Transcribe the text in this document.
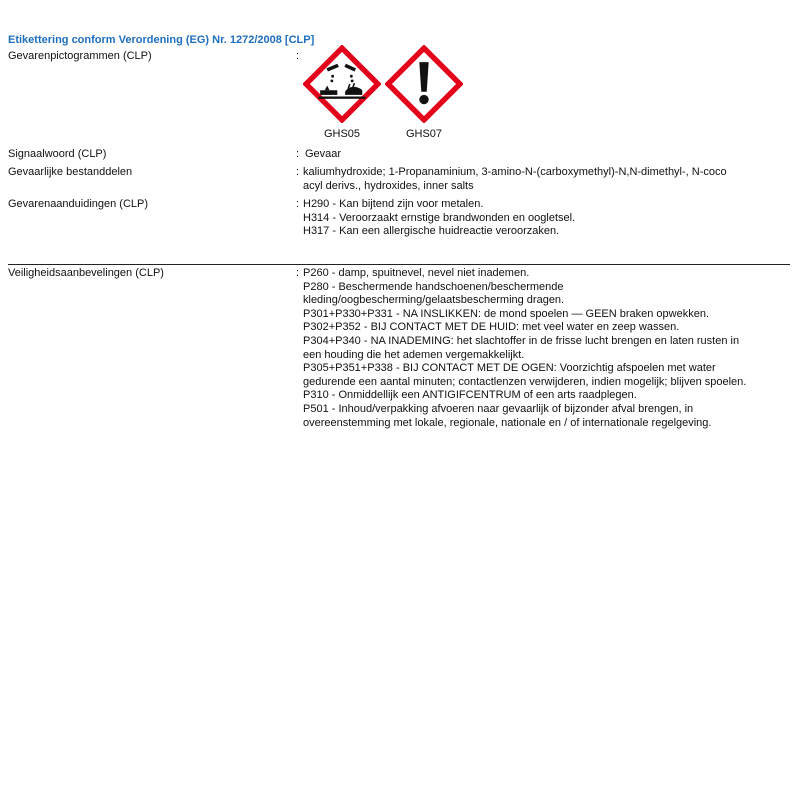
Etikettering conform Verordening (EG) Nr. 1272/2008 [CLP]
Gevarenpictogrammen (CLP)	:
GHS05	GHS07
Signaalwoord (CLP)	: Gevaar
Gevaarlijke bestanddelen	: kaliumhydroxide; 1-Propanaminium, 3-amino-N-(carboxymethyl)-N,N-dimethyl-, N-coco
acyl derivs., hydroxides, inner salts
Gevarenaanduidingen (CLP)	: H290 - Kan bijtend zijn voor metalen.
H314 - Veroorzaakt ernstige brandwonden en oogletsel.
H317 - Kan een allergische huidreactie veroorzaken.
Veiligheidsaanbevelingen (CLP)	: P260 - damp, spuitnevel, nevel niet inademen.
P280 - Beschermende handschoenen/beschermende
kleding/oogbescherming/gelaatsbescherming dragen.
P301+P330+P331 - NA INSLIKKEN: de mond spoelen — GEEN braken opwekken.
P302+P352 - BIJ CONTACT MET DE HUID: met veel water en zeep wassen.
P304+P340 - NA INADEMING: het slachtoffer in de frisse lucht brengen en laten rusten in
een houding die het ademen vergemakkelijkt.
P305+P351+P338 - BIJ CONTACT MET DE OGEN: Voorzichtig afspoelen met water
gedurende een aantal minuten; contactlenzen verwijderen, indien mogelijk; blijven spoelen.
P310 - Onmiddellijk een ANTIGIFCENTRUM of een arts raadplegen.
P501 - Inhoud/verpakking afvoeren naar gevaarlijk of bijzonder afval brengen, in
overeenstemming met lokale, regionale, nationale en / of internationale regelgeving.
